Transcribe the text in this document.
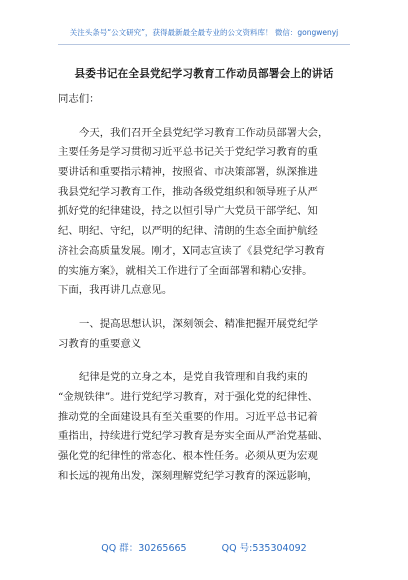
关注头条号“公文研究”，获得最新最全最专业的公文资料库！ 微信：gongwenyj
县委书记在全县党纪学习教育工作动员部署会上的讲话
同志们：
今天，我们召开全县党纪学习教育工作动员部署大会，
主要任务是学习贯彻习近平总书记关于党纪学习教育的重
要讲话和重要指示精神，按照省、市决策部署，纵深推进
我县党纪学习教育工作，推动各级党组织和领导班子从严
抓好党的纪律建设，持之以恒引导广大党员干部学纪、知
纪、明纪、守纪，以严明的纪律、清朗的生态全面护航经
济社会高质量发展。刚才，X同志宣读了《县党纪学习教育
的实施方案》，就相关工作进行了全面部署和精心安排。
下面，我再讲几点意见。
一、提高思想认识，深刻领会、精准把握开展党纪学
习教育的重要意义
纪律是党的立身之本，是党自我管理和自我约束的
“金规铁律”。进行党纪学习教育，对于强化党的纪律性、
推动党的全面建设具有至关重要的作用。习近平总书记着
重指出，持续进行党纪学习教育是夯实全面从严治党基础、
强化党的纪律性的常态化、根本性任务。必须从更为宏观
和长远的视角出发，深刻理解党纪学习教育的深远影响，
QQ 群：30265665	QQ 号:535304092
